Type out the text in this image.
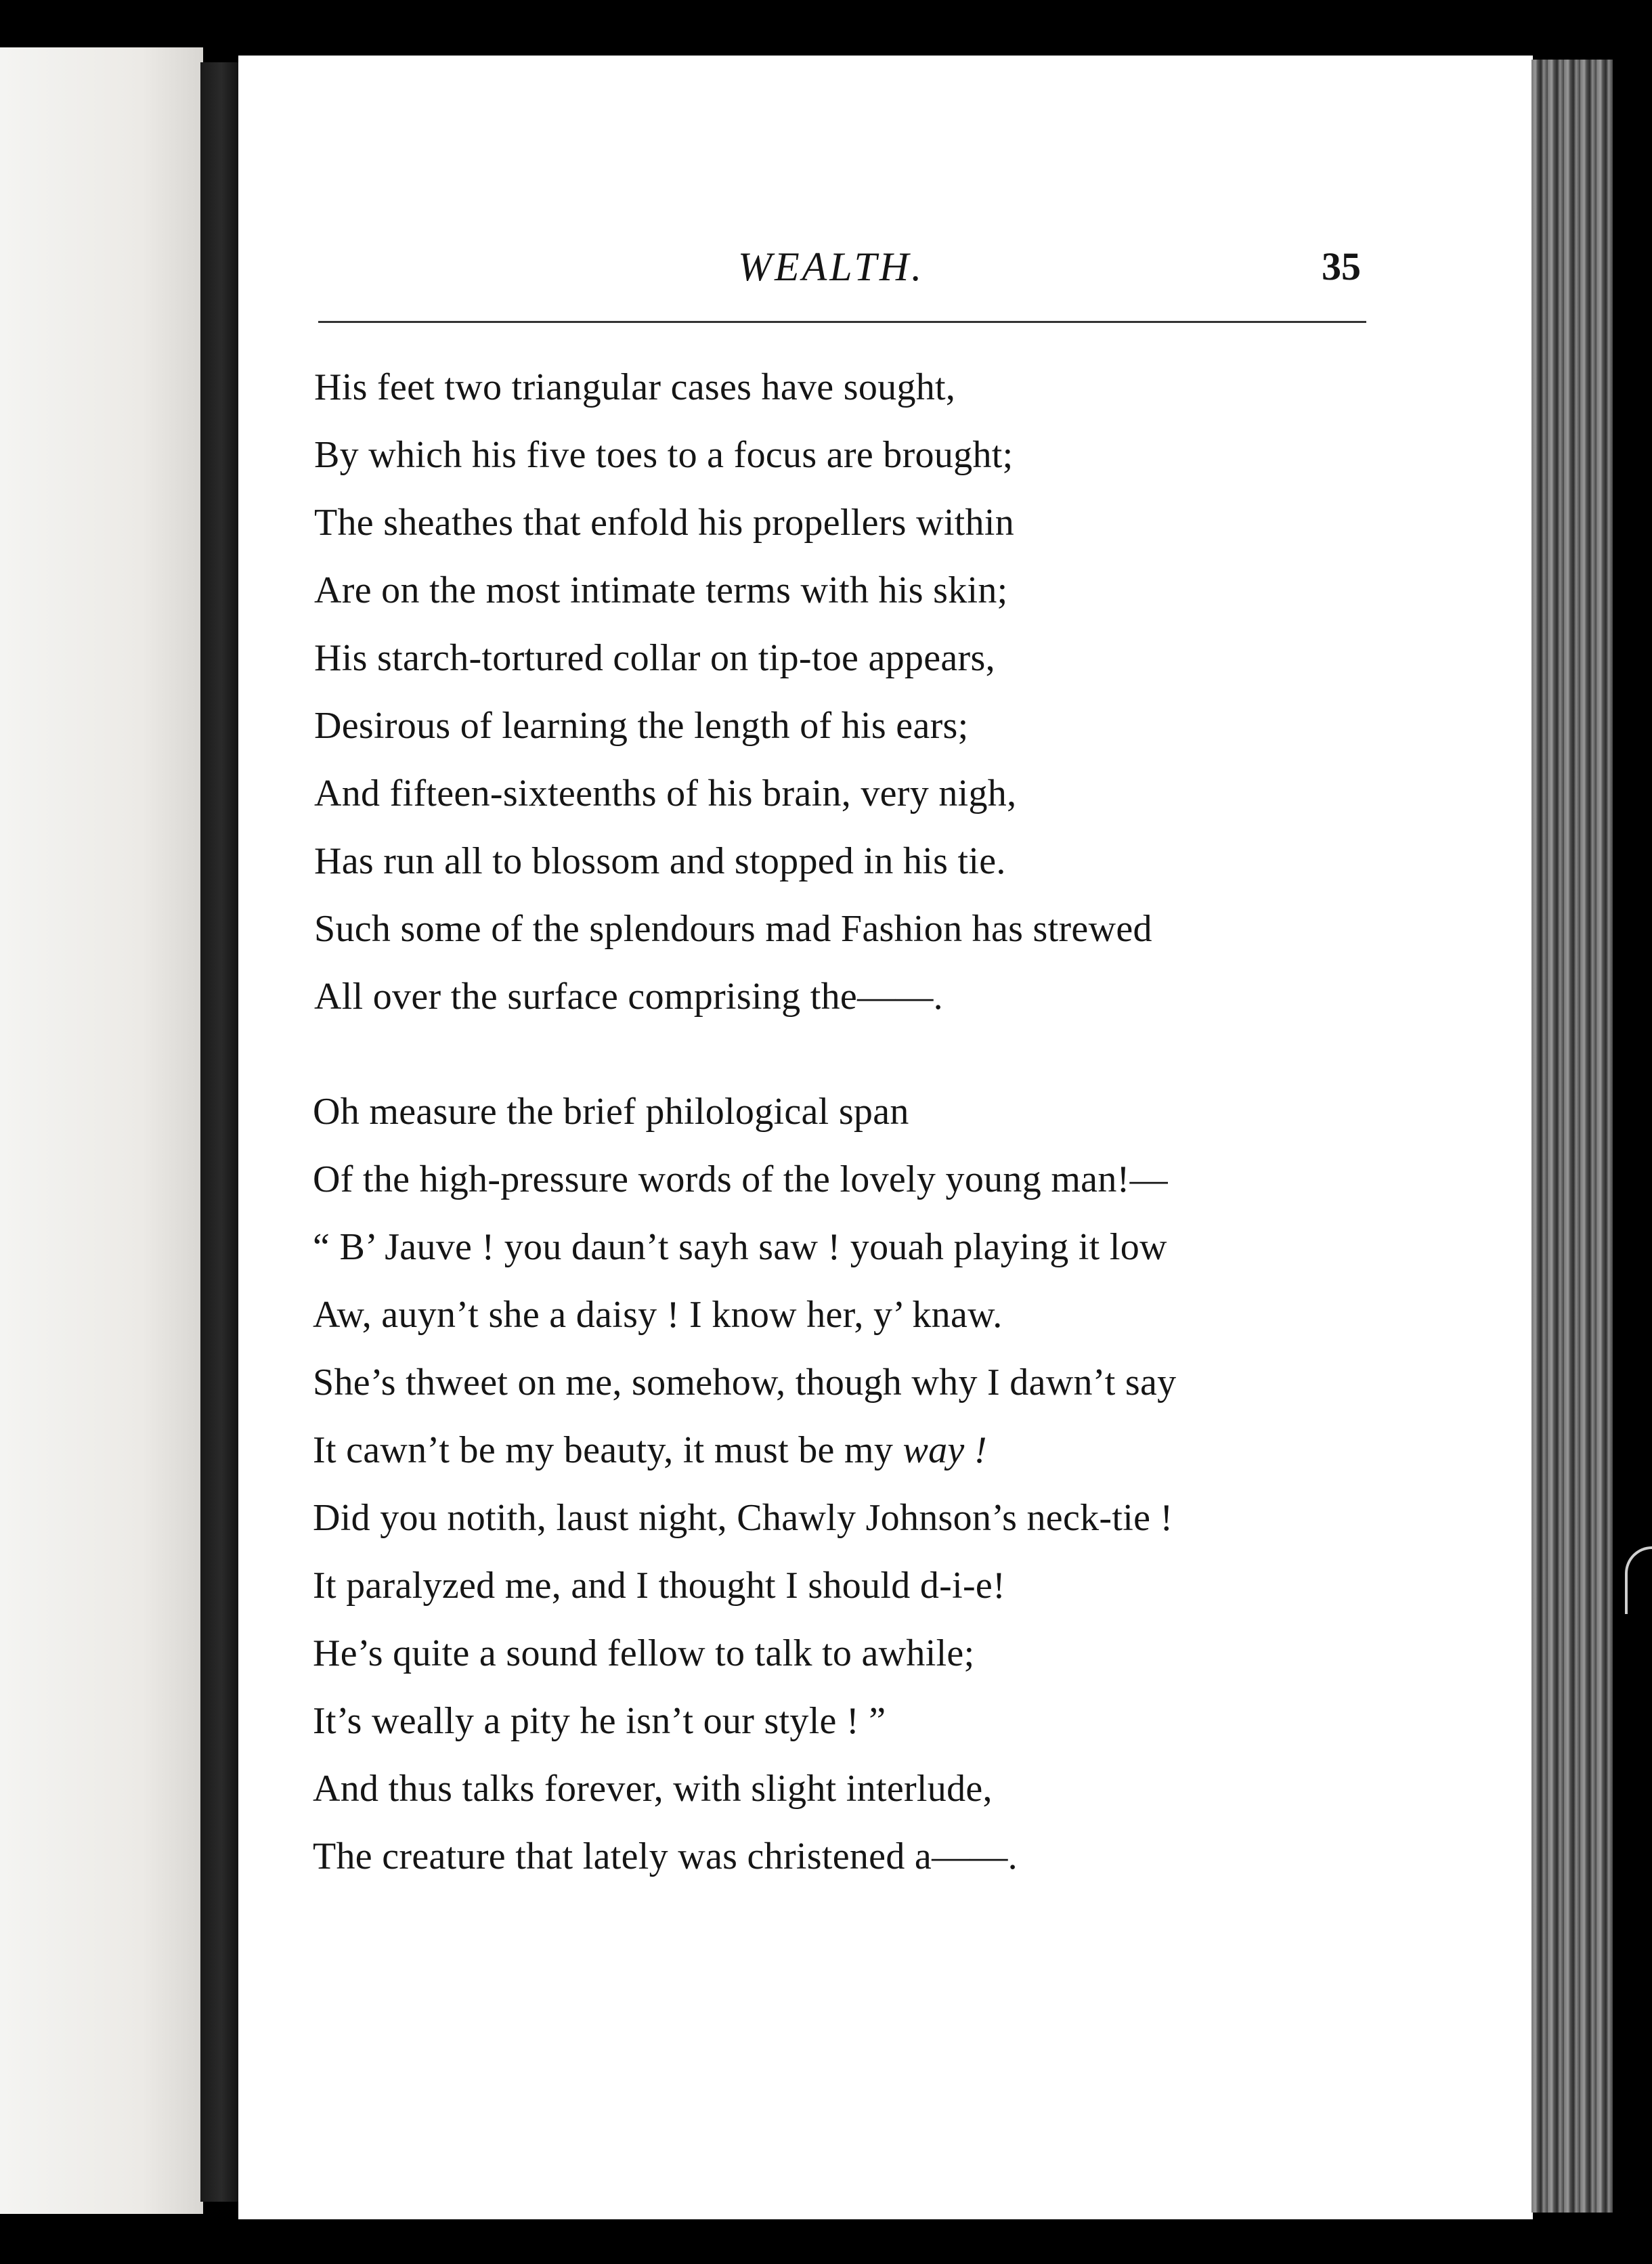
WEALTH.	35
His feet two triangular cases have sought,
By which his five toes to a focus are brought;
The sheathes that enfold his propellers within
Are on the most intimate terms with his skin;
His starch-tortured collar on tip-toe appears,
Desirous of learning the length of his ears;
And fifteen-sixteenths of his brain, very nigh,
Has run all to blossom and stopped in his tie.
Such some of the splendours mad Fashion has strewed
All over the surface comprising the——.
Oh measure the brief philological span
Of the high-pressure words of the lovely young man!—
“ B’ Jauve ! you daun’t sayh saw ! youah playing it low
Aw, auyn’t she a daisy ! I know her, y’ knaw.
She’s thweet on me, somehow, though why I dawn’t say
It cawn’t be my beauty, it must be my way !
Did you notith, laust night, Chawly Johnson’s neck-tie !
It paralyzed me, and I thought I should d-i-e!
He’s quite a sound fellow to talk to awhile;
It’s weally a pity he isn’t our style ! ”
And thus talks forever, with slight interlude,
The creature that lately was christened a——.
